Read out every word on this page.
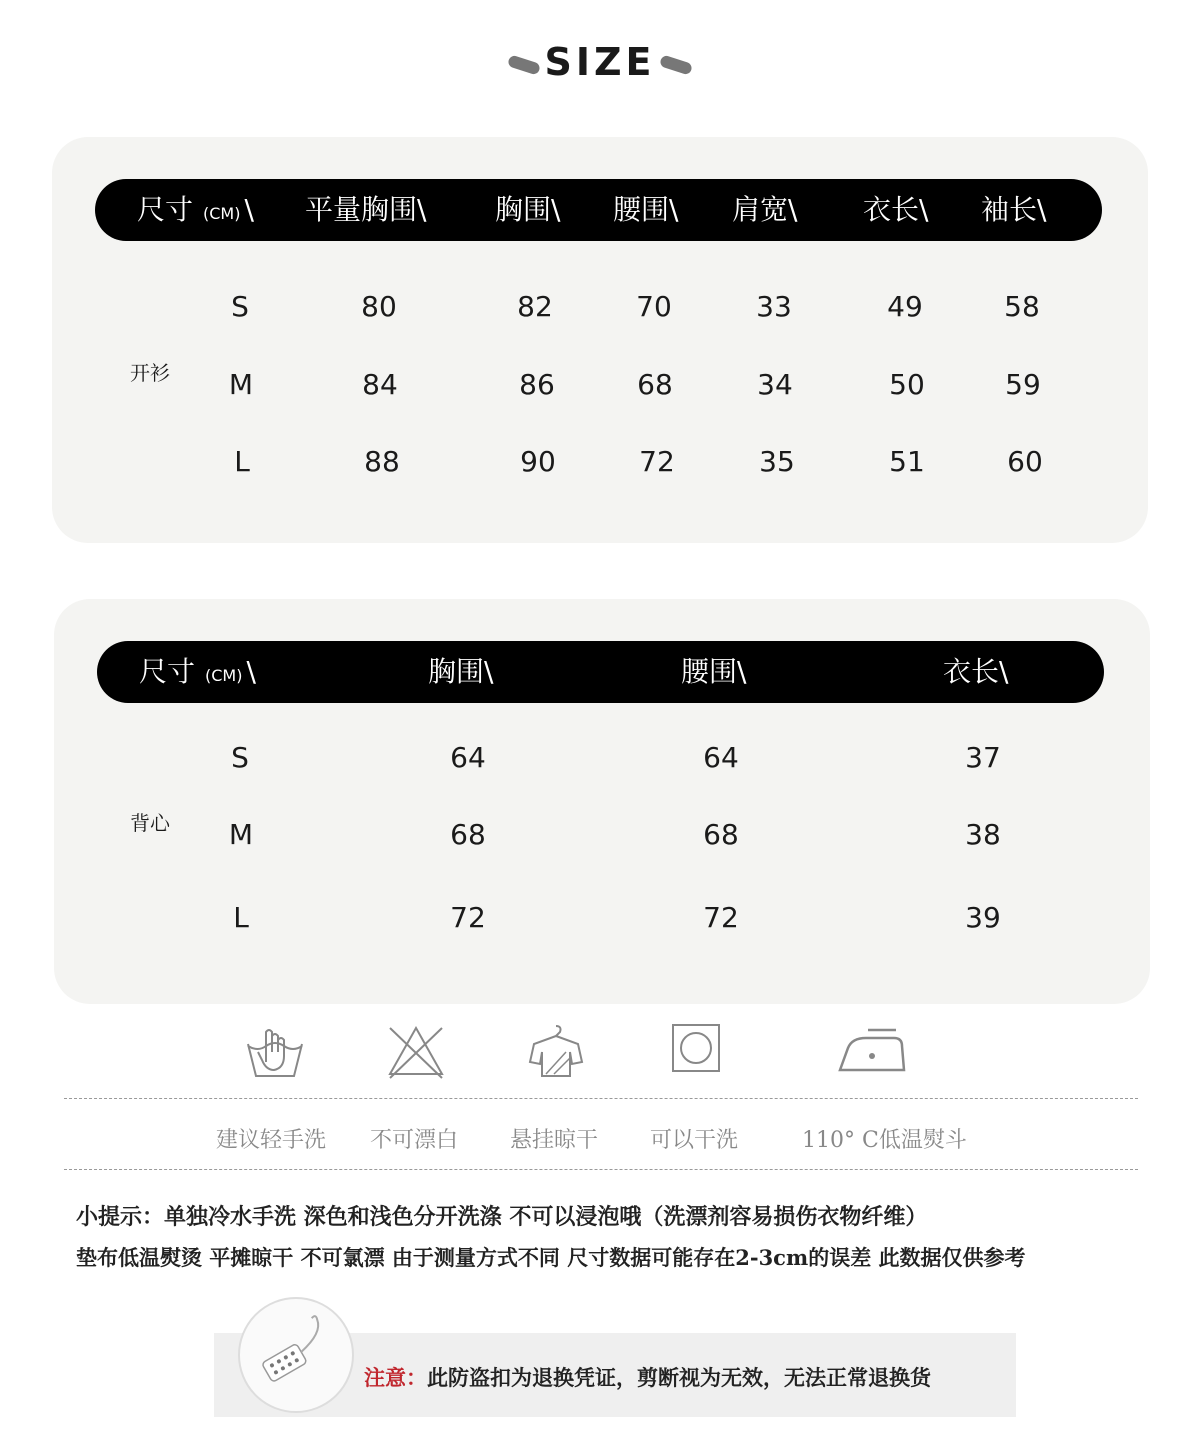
SIZE
尺寸 (CM) \ 平量胸围\ 胸围\ 腰围\ 肩宽\ 衣长\ 袖长\
开衫
S	80	82	70	33	49	58
M	84	86	68	34	50	59
L	88	90	72	35	51	60
尺寸 (CM) \	胸围\	腰围\	衣长\
背心
S	64	64	37
M	68	68	38
L	72	72	39
建议轻手洗 不可漂白 悬挂晾干 可以干洗	110° C低温熨斗
小提示：单独冷水手洗 深色和浅色分开洗涤 不可以浸泡哦（洗漂剂容易损伤衣物纤维）
垫布低温熨烫 平摊晾干 不可氯漂 由于测量方式不同 尺寸数据可能存在2-3cm的误差 此数据仅供参考
注意：此防盗扣为退换凭证，剪断视为无效，无法正常退换货
